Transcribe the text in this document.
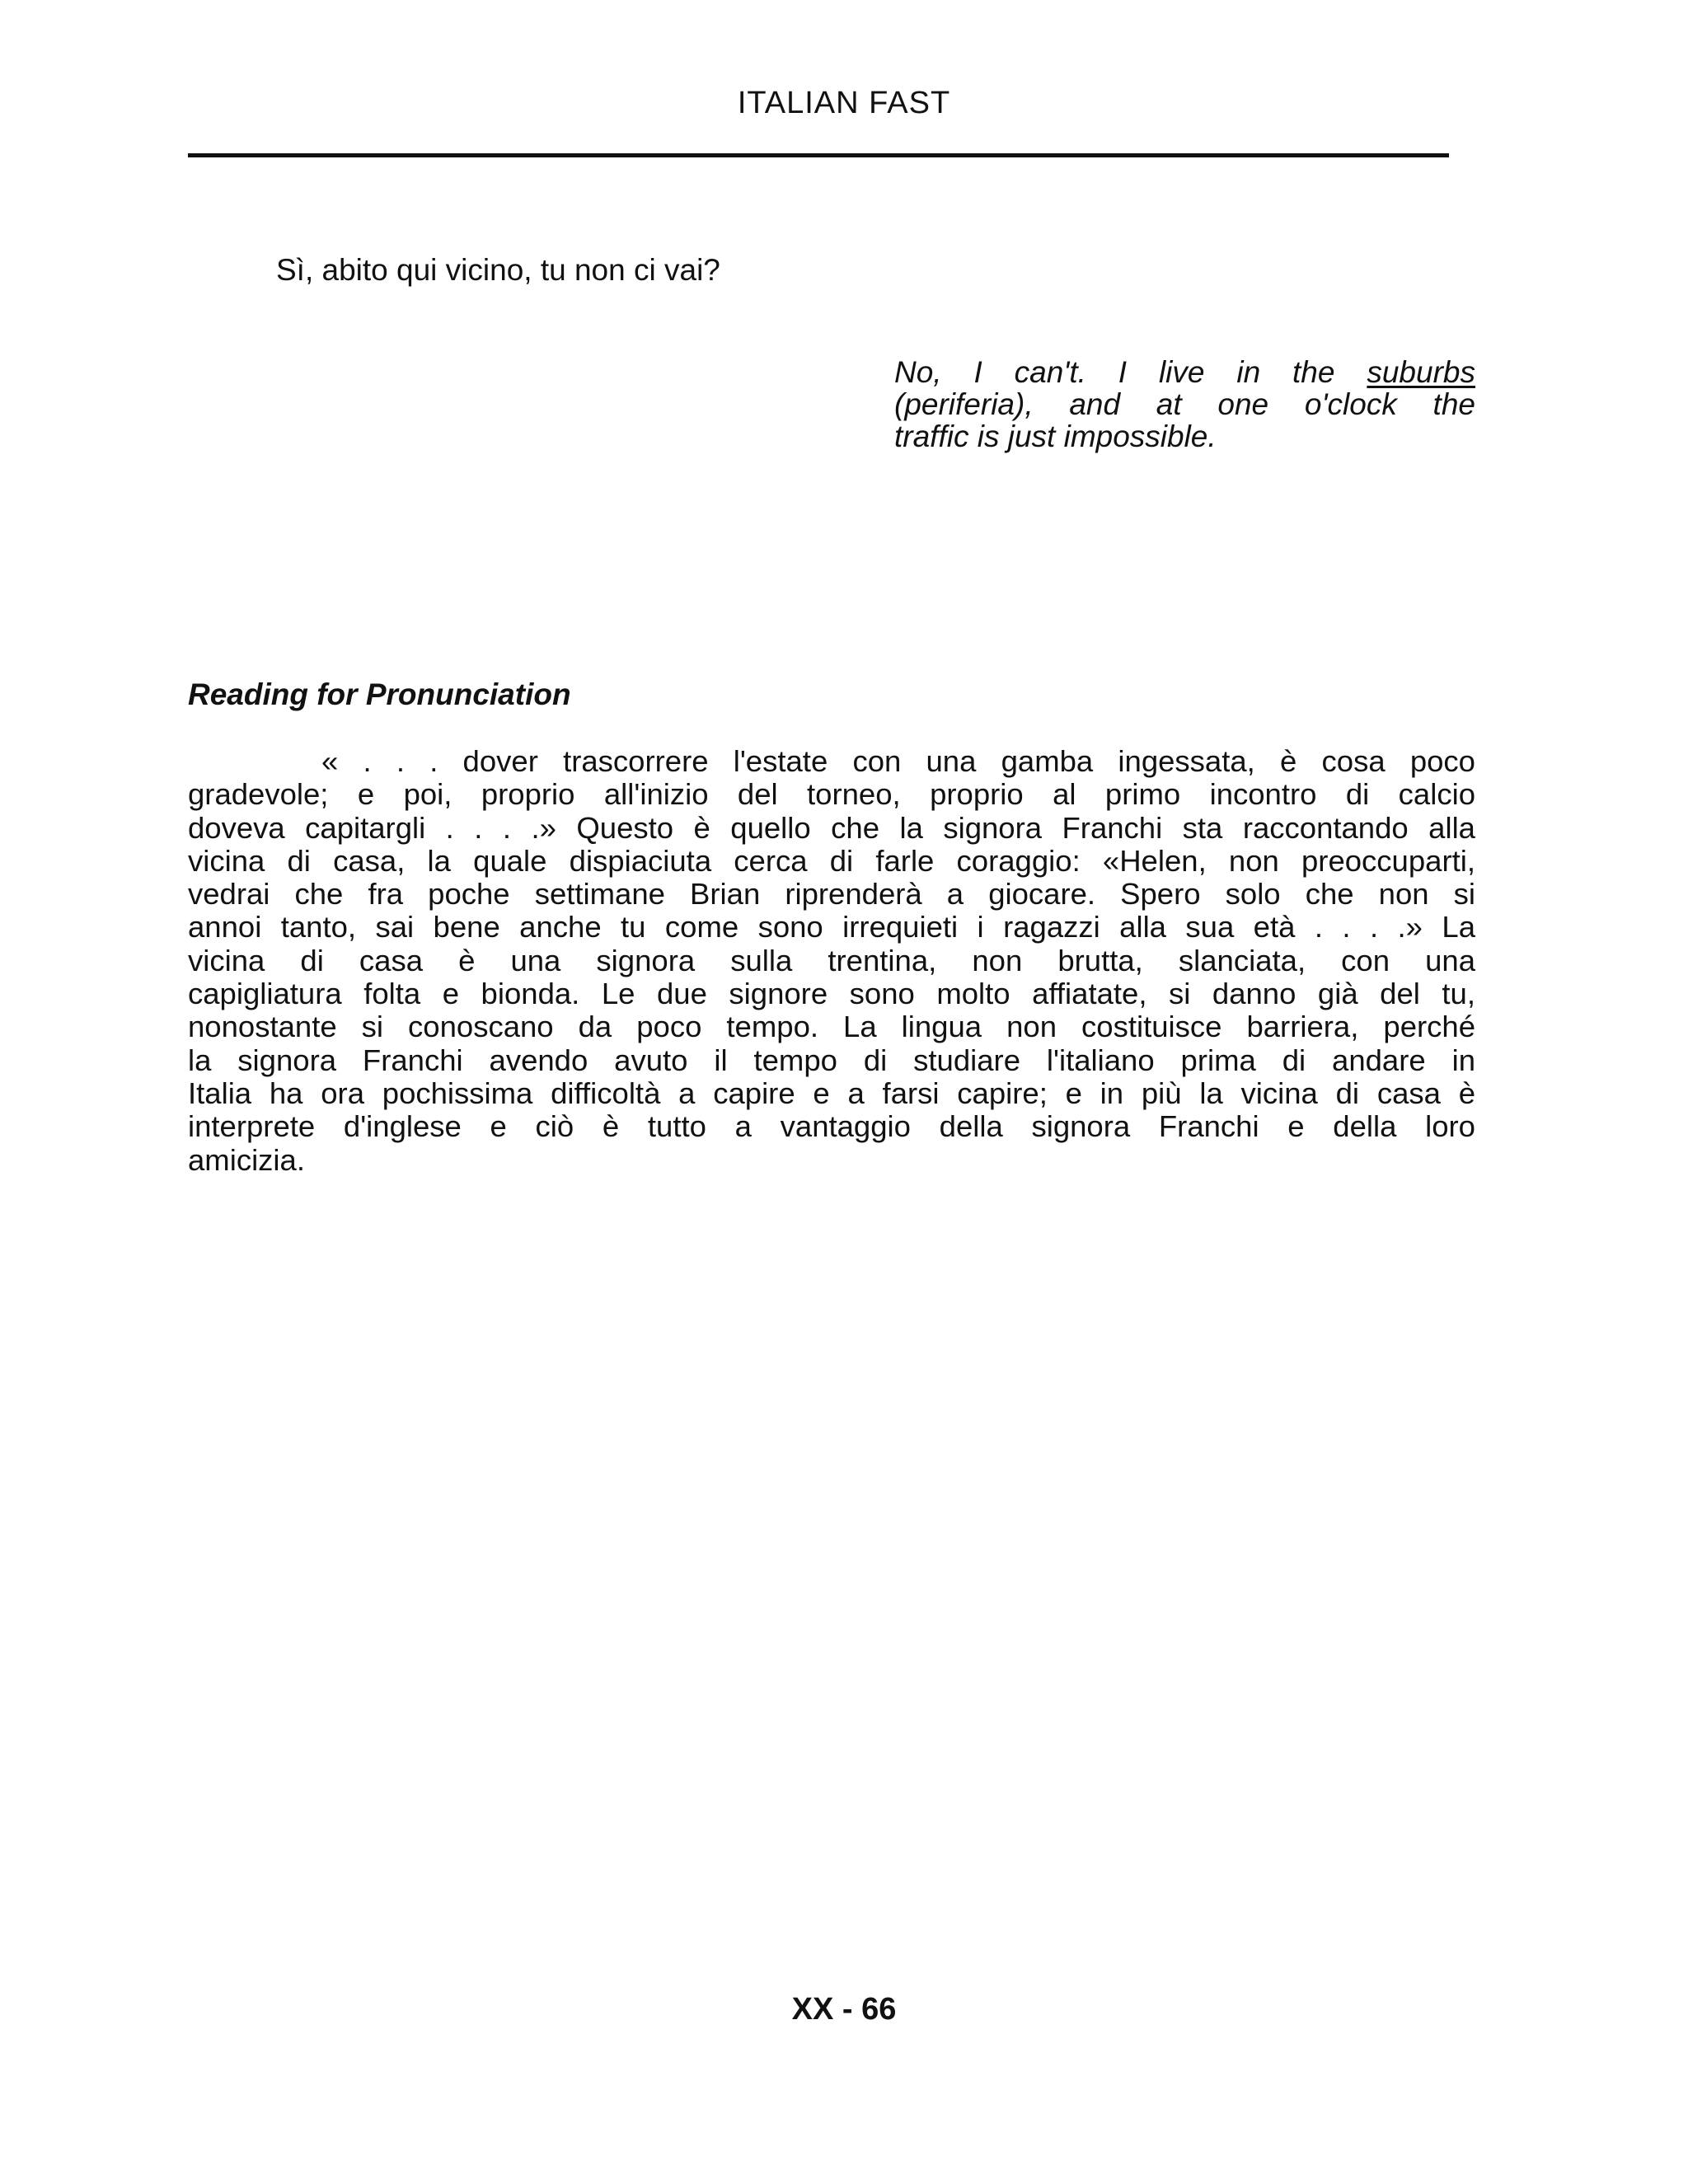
ITALIAN FAST
Sì, abito qui vicino, tu non ci vai?
No, I can't. I live in the suburbs
(periferia), and at one o'clock the
traffic is just impossible.
Reading for Pronunciation
« . . . dover trascorrere l'estate con una gamba ingessata, è cosa poco
gradevole; e poi, proprio all'inizio del torneo, proprio al primo incontro di calcio
doveva capitargli . . . .» Questo è quello che la signora Franchi sta raccontando alla
vicina di casa, la quale dispiaciuta cerca di farle coraggio: «Helen, non preoccuparti,
vedrai che fra poche settimane Brian riprenderà a giocare. Spero solo che non si
annoi tanto, sai bene anche tu come sono irrequieti i ragazzi alla sua età . . . .» La
vicina di casa è una signora sulla trentina, non brutta, slanciata, con una
capigliatura folta e bionda. Le due signore sono molto affiatate, si danno già del tu,
nonostante si conoscano da poco tempo. La lingua non costituisce barriera, perché
la signora Franchi avendo avuto il tempo di studiare l'italiano prima di andare in
Italia ha ora pochissima difficoltà a capire e a farsi capire; e in più la vicina di casa è
interprete d'inglese e ciò è tutto a vantaggio della signora Franchi e della loro
amicizia.
XX - 66
